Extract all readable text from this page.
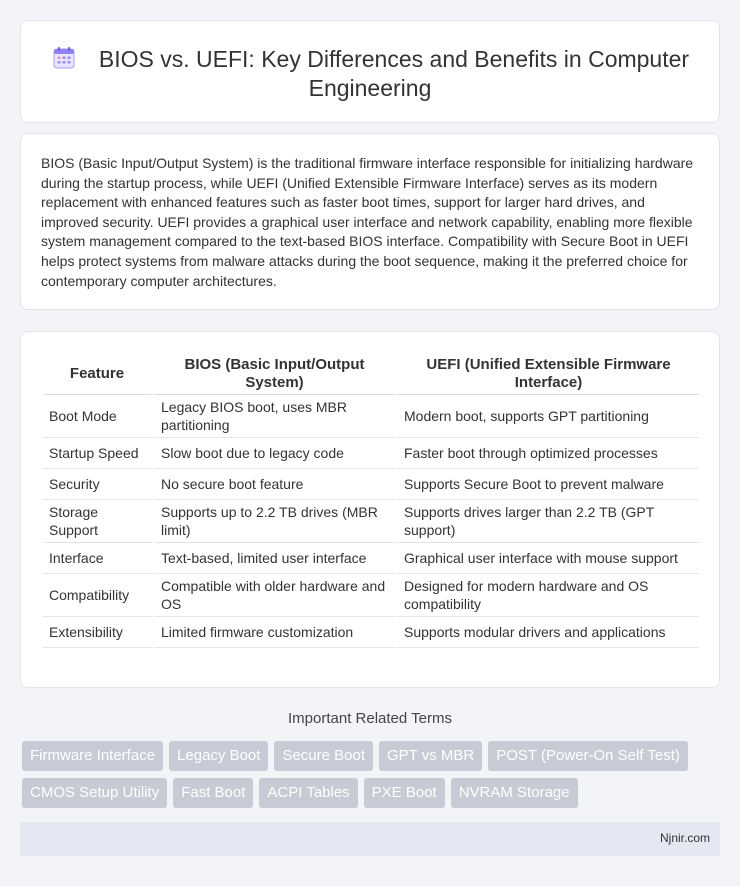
BIOS vs. UEFI: Key Differences and Benefits in Computer Engineering

BIOS (Basic Input/Output System) is the traditional firmware interface responsible for initializing hardware during the startup process, while UEFI (Unified Extensible Firmware Interface) serves as its modern replacement with enhanced features such as faster boot times, support for larger hard drives, and improved security. UEFI provides a graphical user interface and network capability, enabling more flexible system management compared to the text-based BIOS interface. Compatibility with Secure Boot in UEFI helps protect systems from malware attacks during the boot sequence, making it the preferred choice for contemporary computer architectures.

Feature	BIOS (Basic Input/Output System)	UEFI (Unified Extensible Firmware Interface)
Boot Mode	Legacy BIOS boot, uses MBR partitioning	Modern boot, supports GPT partitioning
Startup Speed	Slow boot due to legacy code	Faster boot through optimized processes
Security	No secure boot feature	Supports Secure Boot to prevent malware
Storage Support	Supports up to 2.2 TB drives (MBR limit)	Supports drives larger than 2.2 TB (GPT support)
Interface	Text-based, limited user interface	Graphical user interface with mouse support
Compatibility	Compatible with older hardware and OS	Designed for modern hardware and OS compatibility
Extensibility	Limited firmware customization	Supports modular drivers and applications
Important Related Terms
Firmware Interface	Legacy Boot	Secure Boot	GPT vs MBR	POST (Power-On Self Test)
CMOS Setup Utility	Fast Boot	ACPI Tables	PXE Boot	NVRAM Storage
Njnir.com
